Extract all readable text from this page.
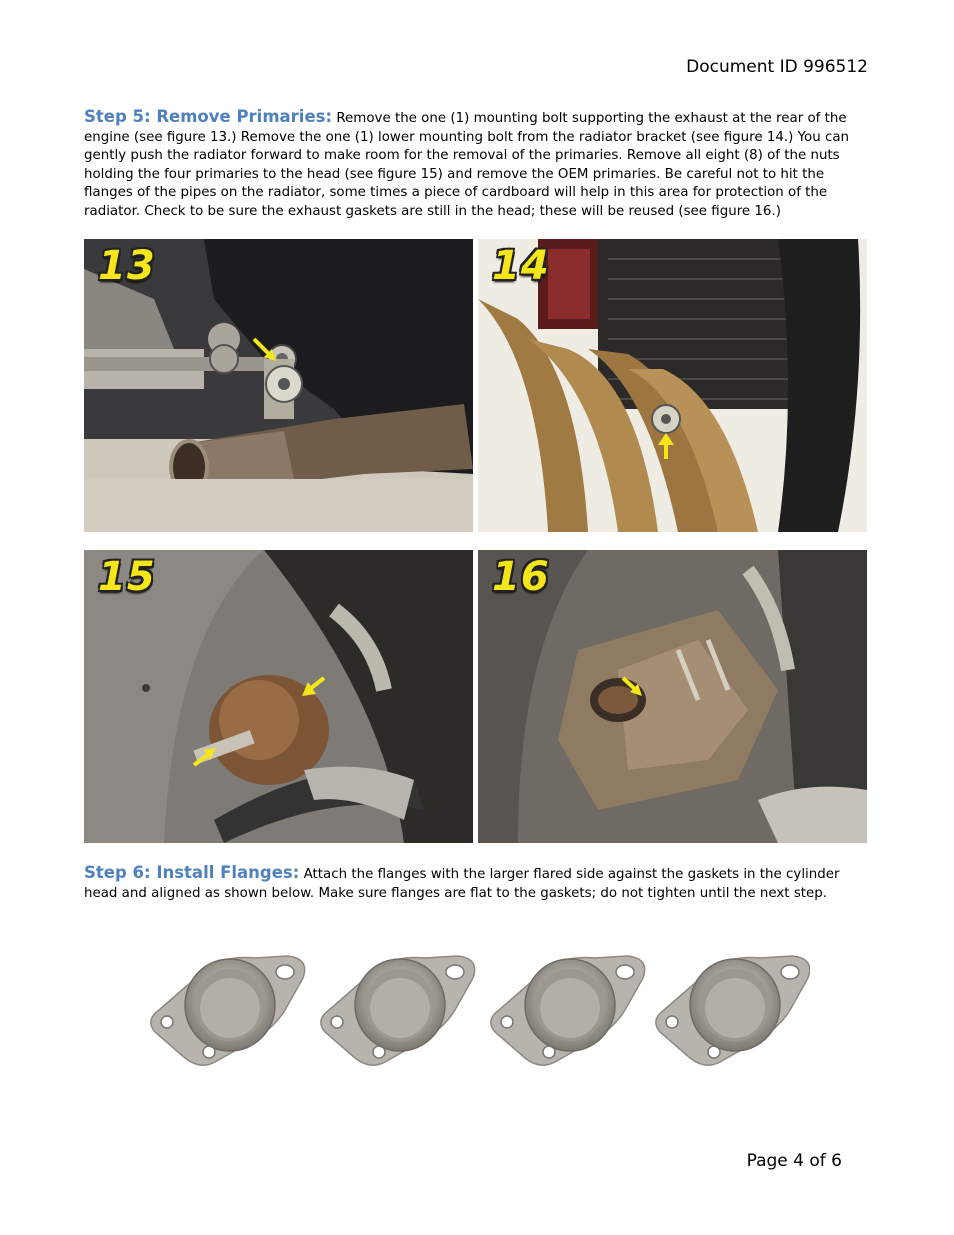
Document ID 996512
Step 5: Remove Primaries: Remove the one (1) mounting bolt supporting the exhaust at the rear of the engine (see figure 13.) Remove the one (1) lower mounting bolt from the radiator bracket (see figure 14.) You can gently push the radiator forward to make room for the removal of the primaries. Remove all eight (8) of the nuts holding the four primaries to the head (see figure 15) and remove the OEM primaries. Be careful not to hit the flanges of the pipes on the radiator, some times a piece of cardboard will help in this area for protection of the radiator. Check to be sure the exhaust gaskets are still in the head; these will be reused (see figure 16.)
13	14
15	16
Step 6: Install Flanges: Attach the flanges with the larger flared side against the gaskets in the cylinder head and aligned as shown below. Make sure flanges are flat to the gaskets; do not tighten until the next step.
Page 4 of 6
